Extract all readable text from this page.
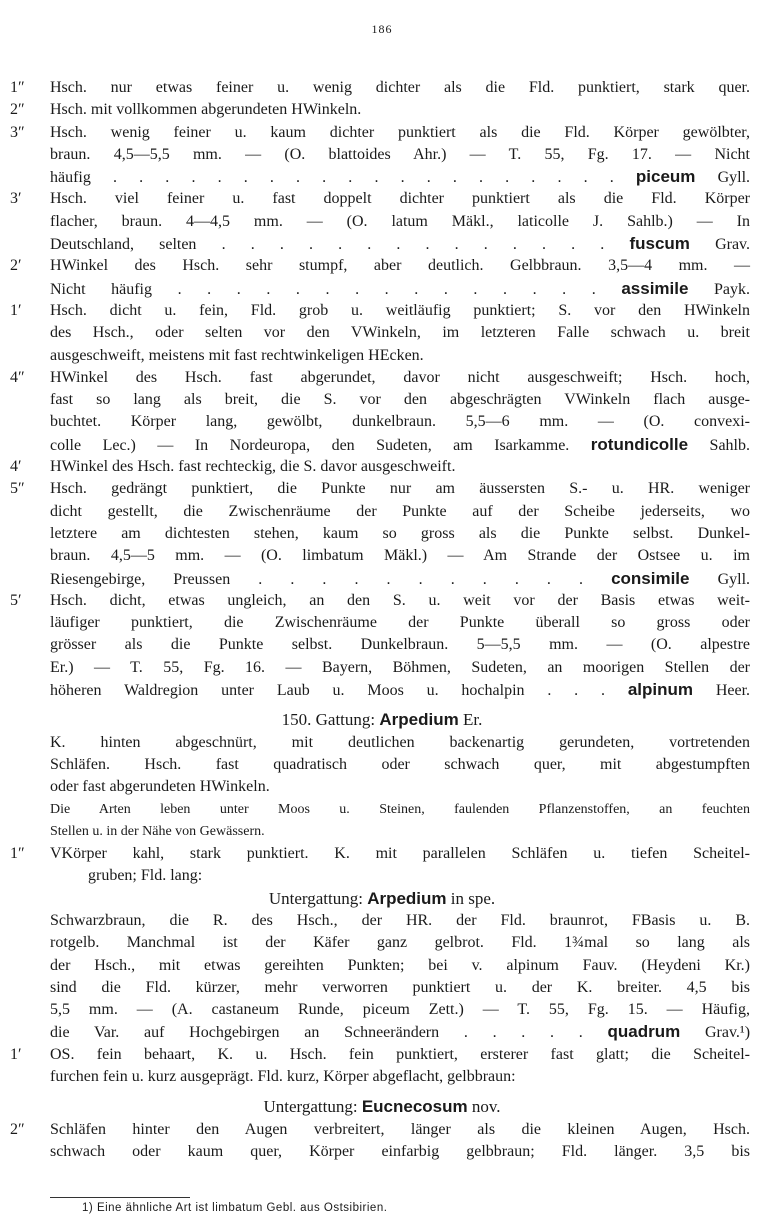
186
1″	Hsch. nur etwas feiner u. wenig dichter als die Fld. punktiert, stark quer.
2″	Hsch. mit vollkommen abgerundeten HWinkeln.
3″	Hsch. wenig feiner u. kaum dichter punktiert als die Fld. Körper gewölbter,
braun. 4,5—5,5 mm. — (O. blattoides Ahr.) — T. 55, Fg. 17. — Nicht
häufig . . . . . . . . . . . . . . . . . . . . piceum Gyll.
3′	Hsch. viel feiner u. fast doppelt dichter punktiert als die Fld. Körper
flacher, braun. 4—4,5 mm. — (O. latum Mäkl., laticolle J. Sahlb.) — In
Deutschland, selten . . . . . . . . . . . . . . fuscum Grav.
2′	HWinkel des Hsch. sehr stumpf, aber deutlich. Gelbbraun. 3,5—4 mm. —
Nicht häufig . . . . . . . . . . . . . . . assimile Payk.
1′	Hsch. dicht u. fein, Fld. grob u. weitläufig punktiert; S. vor den HWinkeln
des Hsch., oder selten vor den VWinkeln, im letzteren Falle schwach u. breit
ausgeschweift, meistens mit fast rechtwinkeligen HEcken.
4″	HWinkel des Hsch. fast abgerundet, davor nicht ausgeschweift; Hsch. hoch,
fast so lang als breit, die S. vor den abgeschrägten VWinkeln flach ausge-
buchtet. Körper lang, gewölbt, dunkelbraun. 5,5—6 mm. — (O. convexi-
colle Lec.) — In Nordeuropa, den Sudeten, am Isarkamme. rotundicolle Sahlb.
4′	HWinkel des Hsch. fast rechteckig, die S. davor ausgeschweift.
5″	Hsch. gedrängt punktiert, die Punkte nur am äussersten S.- u. HR. weniger
dicht gestellt, die Zwischenräume der Punkte auf der Scheibe jederseits, wo
letztere am dichtesten stehen, kaum so gross als die Punkte selbst. Dunkel-
braun. 4,5—5 mm. — (O. limbatum Mäkl.) — Am Strande der Ostsee u. im
Riesengebirge, Preussen . . . . . . . . . . . consimile Gyll.
5′	Hsch. dicht, etwas ungleich, an den S. u. weit vor der Basis etwas weit-
läufiger punktiert, die Zwischenräume der Punkte überall so gross oder
grösser als die Punkte selbst. Dunkelbraun. 5—5,5 mm. — (O. alpestre
Er.) — T. 55, Fg. 16. — Bayern, Böhmen, Sudeten, an moorigen Stellen der
höheren Waldregion unter Laub u. Moos u. hochalpin . . . alpinum Heer.
150. Gattung: Arpedium Er.
K. hinten abgeschnürt, mit deutlichen backenartig gerundeten, vortretenden
Schläfen. Hsch. fast quadratisch oder schwach quer, mit abgestumpften
oder fast abgerundeten HWinkeln.
Die Arten leben unter Moos u. Steinen, faulenden Pflanzenstoffen, an feuchten
Stellen u. in der Nähe von Gewässern.
1″	VKörper kahl, stark punktiert. K. mit parallelen Schläfen u. tiefen Scheitel-
gruben; Fld. lang:
Untergattung: Arpedium in spe.
Schwarzbraun, die R. des Hsch., der HR. der Fld. braunrot, FBasis u. B.
rotgelb. Manchmal ist der Käfer ganz gelbrot. Fld. 1¾mal so lang als
der Hsch., mit etwas gereihten Punkten; bei v. alpinum Fauv. (Heydeni Kr.)
sind die Fld. kürzer, mehr verworren punktiert u. der K. breiter. 4,5 bis
5,5 mm. — (A. castaneum Runde, piceum Zett.) — T. 55, Fg. 15. — Häufig,
die Var. auf Hochgebirgen an Schneerändern . . . . . quadrum Grav.¹)
1′	OS. fein behaart, K. u. Hsch. fein punktiert, ersterer fast glatt; die Scheitel-
furchen fein u. kurz ausgeprägt. Fld. kurz, Körper abgeflacht, gelbbraun:
Untergattung: Eucnecosum nov.
2″	Schläfen hinter den Augen verbreitert, länger als die kleinen Augen, Hsch.
schwach oder kaum quer, Körper einfarbig gelbbraun; Fld. länger. 3,5 bis
1) Eine ähnliche Art ist limbatum Gebl. aus Ostsibirien.
